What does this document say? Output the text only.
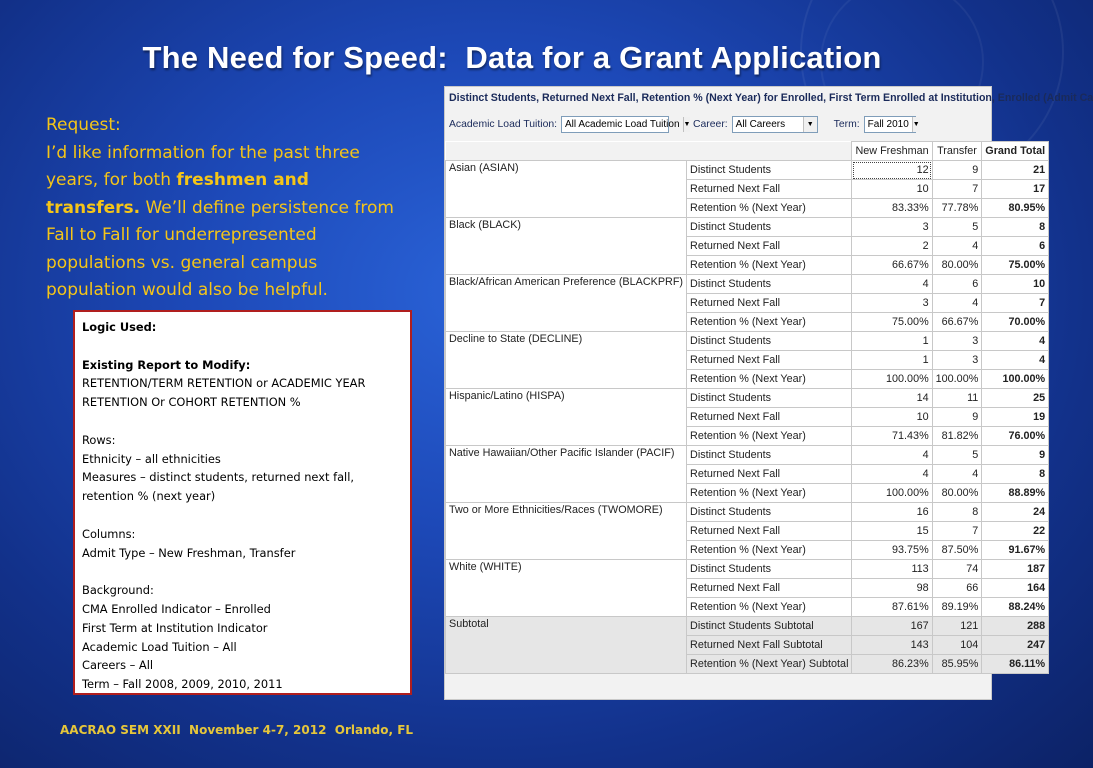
The Need for Speed:  Data for a Grant Application
Request:
I’d like information for the past three years, for both freshmen and transfers. We’ll define persistence from Fall to Fall for underrepresented populations vs. general campus population would also be helpful.
Logic Used:
Existing Report to Modify:
RETENTION/TERM RETENTION or ACADEMIC YEAR
RETENTION Or COHORT RETENTION %
Rows:
Ethnicity – all ethnicities
Measures – distinct students, returned next fall,
retention % (next year)
Columns:
Admit Type – New Freshman, Transfer
Background:
CMA Enrolled Indicator – Enrolled
First Term at Institution Indicator
Academic Load Tuition – All
Careers – All
Term – Fall 2008, 2009, 2010, 2011
AACRAO SEM XXII  November 4-7, 2012  Orlando, FL
Distinct Students, Returned Next Fall, Retention % (Next Year) for Enrolled, First Term Enrolled at Institution, Enrolled (Admit Ca
Academic Load Tuition: All Academic Load Tuition ▼ Career: All Careers	▼ Term: Fall 2010 ▼
		New Freshman	Transfer	Grand Total
Asian (ASIAN)	Distinct Students	12	9	21
	Returned Next Fall	10	7	17
	Retention % (Next Year)	83.33%	77.78%	80.95%
Black (BLACK)	Distinct Students	3	5	8
	Returned Next Fall	2	4	6
	Retention % (Next Year)	66.67%	80.00%	75.00%
Black/African American Preference (BLACKPRF)	Distinct Students	4	6	10
	Returned Next Fall	3	4	7
	Retention % (Next Year)	75.00%	66.67%	70.00%
Decline to State (DECLINE)	Distinct Students	1	3	4
	Returned Next Fall	1	3	4
	Retention % (Next Year)	100.00%	100.00%	100.00%
Hispanic/Latino (HISPA)	Distinct Students	14	11	25
	Returned Next Fall	10	9	19
	Retention % (Next Year)	71.43%	81.82%	76.00%
Native Hawaiian/Other Pacific Islander (PACIF)	Distinct Students	4	5	9
	Returned Next Fall	4	4	8
	Retention % (Next Year)	100.00%	80.00%	88.89%
Two or More Ethnicities/Races (TWOMORE)	Distinct Students	16	8	24
	Returned Next Fall	15	7	22
	Retention % (Next Year)	93.75%	87.50%	91.67%
White (WHITE)	Distinct Students	113	74	187
	Returned Next Fall	98	66	164
	Retention % (Next Year)	87.61%	89.19%	88.24%
Subtotal	Distinct Students Subtotal	167	121	288
	Returned Next Fall Subtotal	143	104	247
	Retention % (Next Year) Subtotal	86.23%	85.95%	86.11%
